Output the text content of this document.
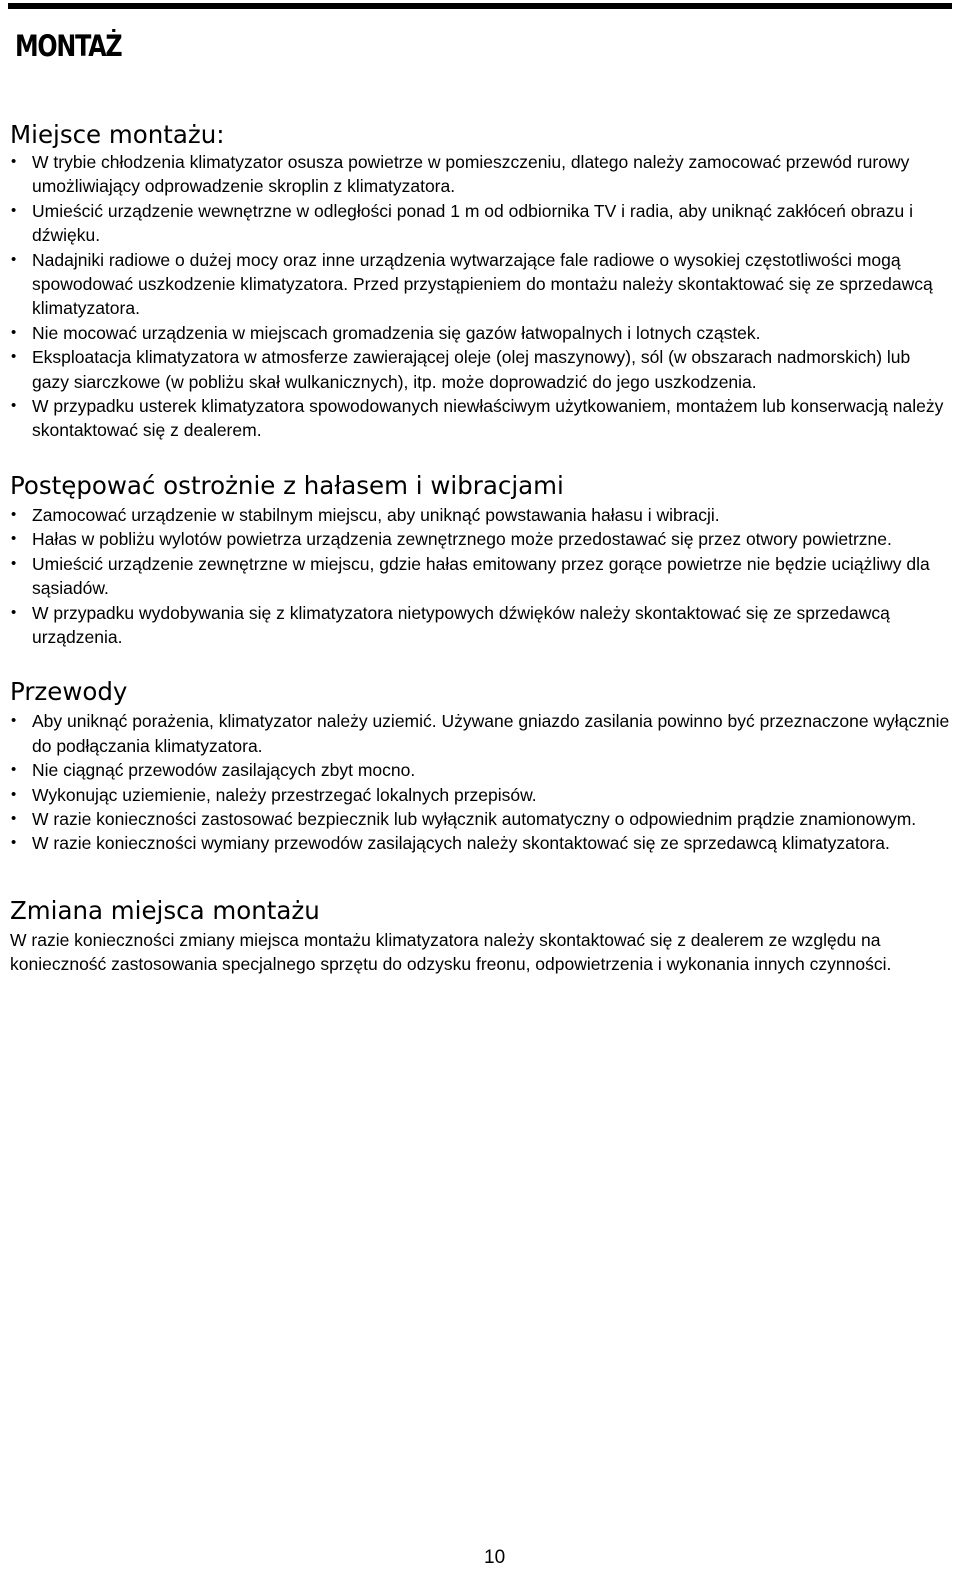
MONTAŻ
Miejsce montażu:
• W trybie chłodzenia klimatyzator osusza powietrze w pomieszczeniu, dlatego należy zamocować przewód rurowy umożliwiający odprowadzenie skroplin z klimatyzatora.
• Umieścić urządzenie wewnętrzne w odległości ponad 1 m od odbiornika TV i radia, aby uniknąć zakłóceń obrazu i dźwięku.
• Nadajniki radiowe o dużej mocy oraz inne urządzenia wytwarzające fale radiowe o wysokiej częstotliwości mogą spowodować uszkodzenie klimatyzatora. Przed przystąpieniem do montażu należy skontaktować się ze sprzedawcą klimatyzatora.
• Nie mocować urządzenia w miejscach gromadzenia się gazów łatwopalnych i lotnych cząstek.
• Eksploatacja klimatyzatora w atmosferze zawierającej oleje (olej maszynowy), sól (w obszarach nadmorskich) lub gazy siarczkowe (w pobliżu skał wulkanicznych), itp. może doprowadzić do jego uszkodzenia.
• W przypadku usterek klimatyzatora spowodowanych niewłaściwym użytkowaniem, montażem lub konserwacją należy skontaktować się z dealerem.
Postępować ostrożnie z hałasem i wibracjami
• Zamocować urządzenie w stabilnym miejscu, aby uniknąć powstawania hałasu i wibracji.
• Hałas w pobliżu wylotów powietrza urządzenia zewnętrznego może przedostawać się przez otwory powietrzne.
• Umieścić urządzenie zewnętrzne w miejscu, gdzie hałas emitowany przez gorące powietrze nie będzie uciążliwy dla sąsiadów.
• W przypadku wydobywania się z klimatyzatora nietypowych dźwięków należy skontaktować się ze sprzedawcą urządzenia.
Przewody
• Aby uniknąć porażenia, klimatyzator należy uziemić. Używane gniazdo zasilania powinno być przeznaczone wyłącznie do podłączania klimatyzatora.
• Nie ciągnąć przewodów zasilających zbyt mocno.
• Wykonując uziemienie, należy przestrzegać lokalnych przepisów.
• W razie konieczności zastosować bezpiecznik lub wyłącznik automatyczny o odpowiednim prądzie znamionowym.
• W razie konieczności wymiany przewodów zasilających należy skontaktować się ze sprzedawcą klimatyzatora.
Zmiana miejsca montażu

W razie konieczności zmiany miejsca montażu klimatyzatora należy skontaktować się z dealerem ze względu na konieczność zastosowania specjalnego sprzętu do odzysku freonu, odpowietrzenia i wykonania innych czynności.

10
